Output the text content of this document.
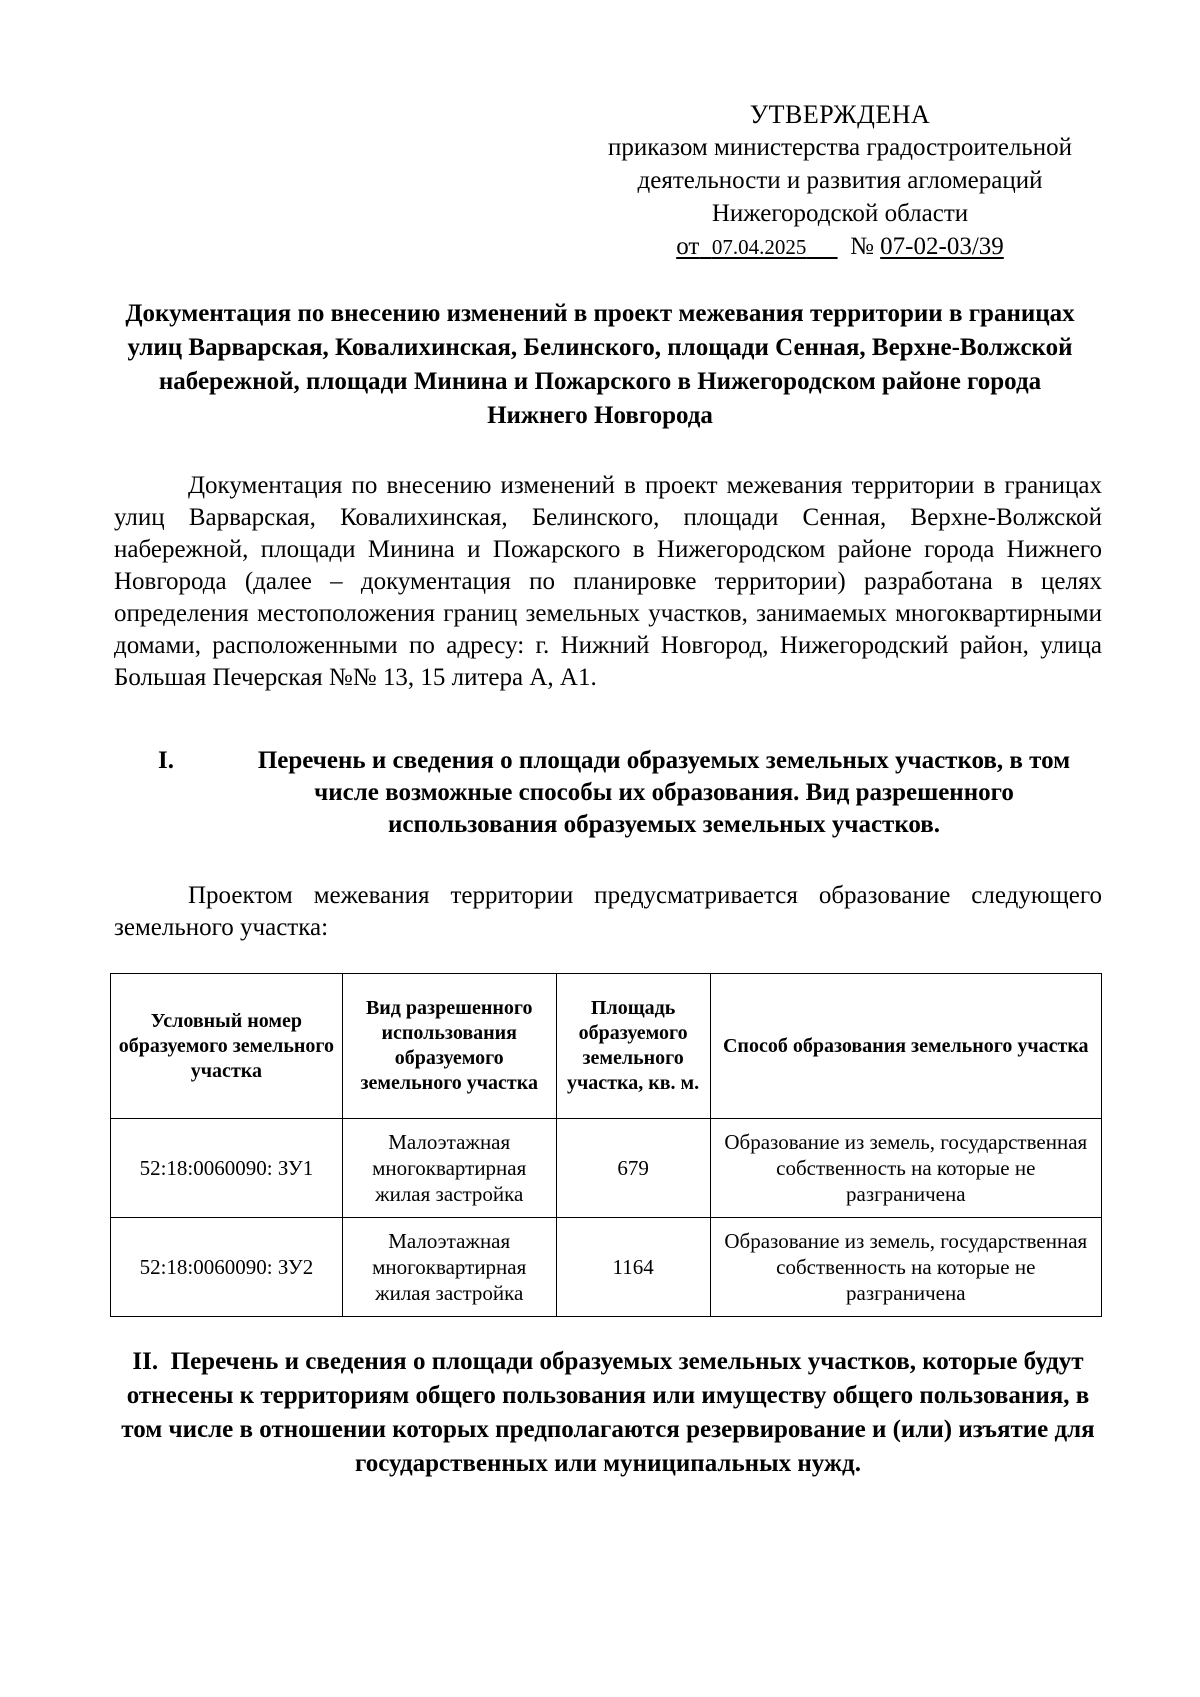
УТВЕРЖДЕНА
приказом министерства градостроительной
деятельности и развития агломераций
Нижегородской области
от 07.04.2025 № 07-02-03/39
Документация по внесению изменений в проект межевания территории в границах улиц Варварская, Ковалихинская, Белинского, площади Сенная, Верхне-Волжской набережной, площади Минина и Пожарского в Нижегородском районе города Нижнего Новгорода
Документация по внесению изменений в проект межевания территории в границах улиц Варварская, Ковалихинская, Белинского, площади Сенная, Верхне-Волжской набережной, площади Минина и Пожарского в Нижегородском районе города Нижнего Новгорода (далее – документация по планировке территории) разработана в целях определения местоположения границ земельных участков, занимаемых многоквартирными домами, расположенными по адресу: г. Нижний Новгород, Нижегородский район, улица Большая Печерская №№ 13, 15 литера А, А1.
I.	Перечень и сведения о площади образуемых земельных участков, в том числе возможные способы их образования. Вид разрешенного использования образуемых земельных участков.
Проектом межевания территории предусматривается образование следующего земельного участка:
Условный номер образуемого земельного участка	Вид разрешенного использования образуемого земельного участка	Площадь образуемого земельного участка, кв. м.	Способ образования земельного участка
52:18:0060090: ЗУ1	Малоэтажная многоквартирная жилая застройка	679	Образование из земель, государственная собственность на которые не разграничена
52:18:0060090: ЗУ2	Малоэтажная многоквартирная жилая застройка	1164	Образование из земель, государственная собственность на которые не разграничена
II. Перечень и сведения о площади образуемых земельных участков, которые будут отнесены к территориям общего пользования или имуществу общего пользования, в том числе в отношении которых предполагаются резервирование и (или) изъятие для государственных или муниципальных нужд.
